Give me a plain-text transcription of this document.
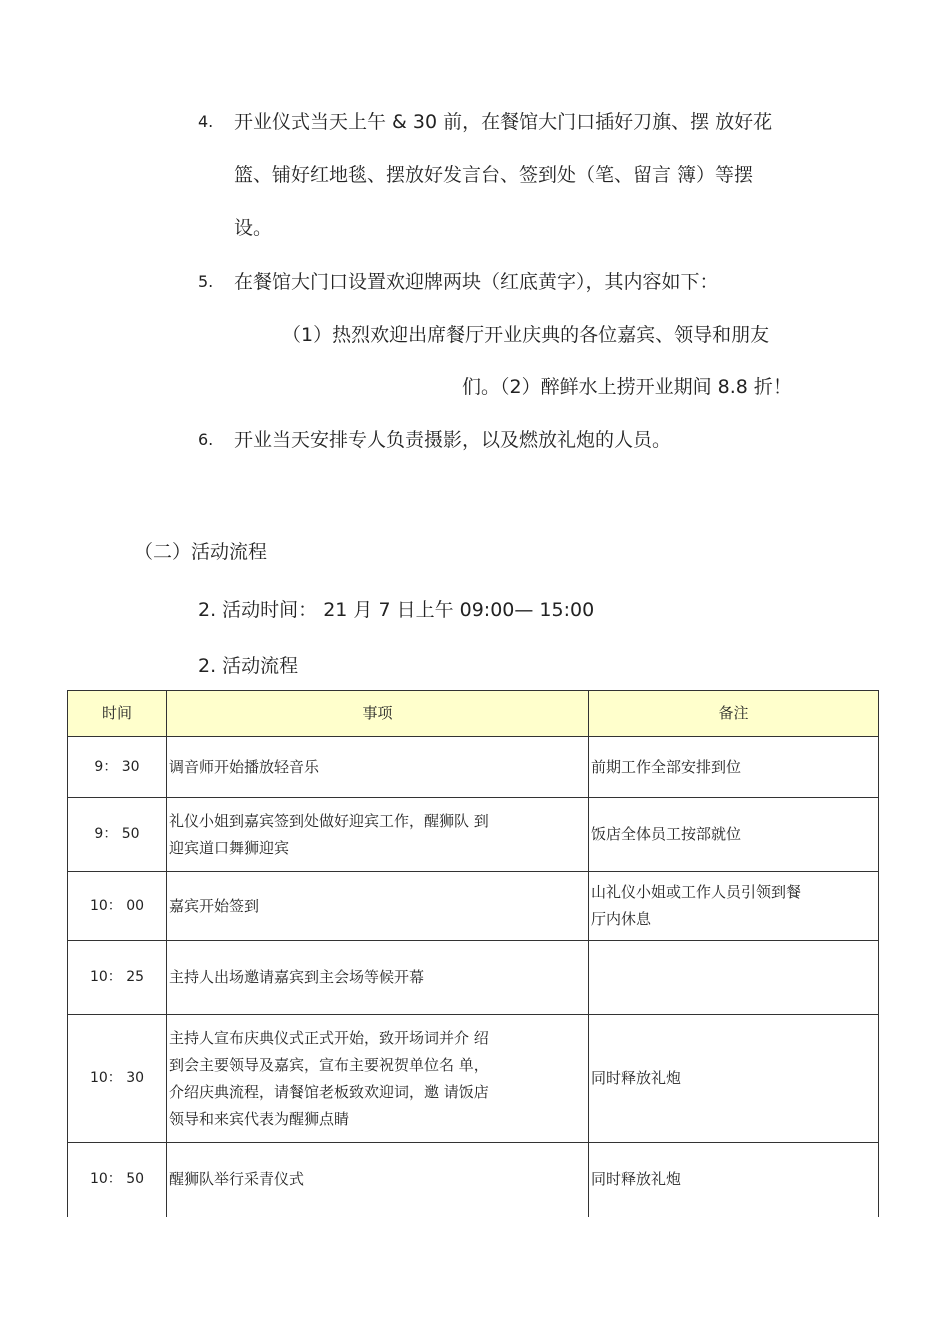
4. 开业仪式当天上午 & 30 前，在餐馆大门口插好刀旗、摆 放好花
篮、铺好红地毯、摆放好发言台、签到处（笔、留言 簿）等摆
设。
5. 在餐馆大门口设置欢迎牌两块（红底黄字），其内容如下：
（1）热烈欢迎出席餐厅开业庆典的各位嘉宾、领导和朋友
们。（2）醉鲜水上捞开业期间 8.8 折！
6. 开业当天安排专人负责摄影，以及燃放礼炮的人员。
（二）活动流程
2. 活动时间： 21 月 7 日上午 09:00— 15:00
2. 活动流程
时间	事项	备注
9： 30	调音师开始播放轻音乐	前期工作全部安排到位

9： 50	礼仪小姐到嘉宾签到处做好迎宾工作，醒狮队 到
迎宾道口舞狮迎宾	饭店全体员工按部就位

10： 00	嘉宾开始签到	山礼仪小姐或工作人员引领到餐
厅内休息

10： 25	主持人出场邀请嘉宾到主会场等候开幕	

10： 30	主持人宣布庆典仪式正式开始，致开场词并介 绍
到会主要领导及嘉宾，宣布主要祝贺单位名 单，
介绍庆典流程，请餐馆老板致欢迎词，邀 请饭店
领导和来宾代表为醒狮点睛	同时释放礼炮

10： 50	醒狮队举行采青仪式	同时释放礼炮
